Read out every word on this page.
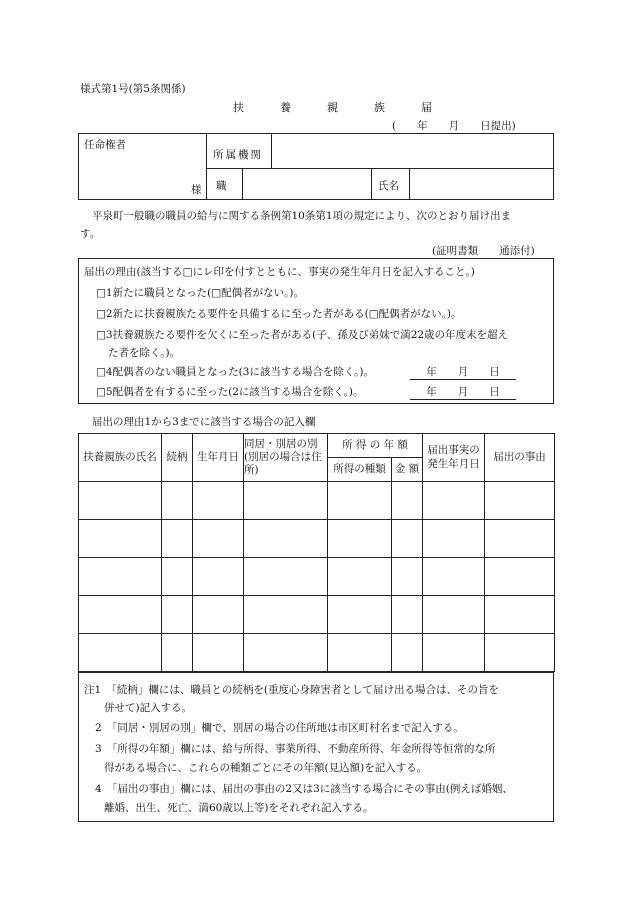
様式第1号(第5条関係)
扶	養	親	族	届
(　　年　　月　　日提出)
任命権者
様
所属機関
職	氏名
平泉町一般職の職員の給与に関する条例第10条第1項の規定により、次のとおり届け出ま
す。
(証明書類　　通添付)
届出の理由(該当する□にレ印を付すとともに、事実の発生年月日を記入すること。)
□1新たに職員となった(□配偶者がない。)。
□2新たに扶養親族たる要件を具備するに至った者がある(□配偶者がない。)。
□3扶養親族たる要件を欠くに至った者がある(子、孫及び弟妹で満22歳の年度末を超え
た者を除く。)。
□4配偶者のない職員となった(3に該当する場合を除く。)。	年　　月　　日
□5配偶者を有するに至った(2に該当する場合を除く。)。	年　　月　　日
届出の理由1から3までに該当する場合の記入欄
扶養親族の氏名	続柄	生年月日	同居・別居の別(別居の場合は住所)	所 得 の 年 額		届出事実の発生年月日	届出の事由
				所得の種類	金 額		

注1　「続柄」欄には、職員との続柄を(重度心身障害者として届け出る場合は、その旨を
併せて)記入する。
2　「同居・別居の別」欄で、別居の場合の住所地は市区町村名まで記入する。
3　「所得の年額」欄には、給与所得、事業所得、不動産所得、年金所得等恒常的な所
得がある場合に、これらの種類ごとにその年額(見込額)を記入する。
4　「届出の事由」欄には、届出の事由の2又は3に該当する場合にその事由(例えば婚姻、
離婚、出生、死亡、満60歳以上等)をそれぞれ記入する。
